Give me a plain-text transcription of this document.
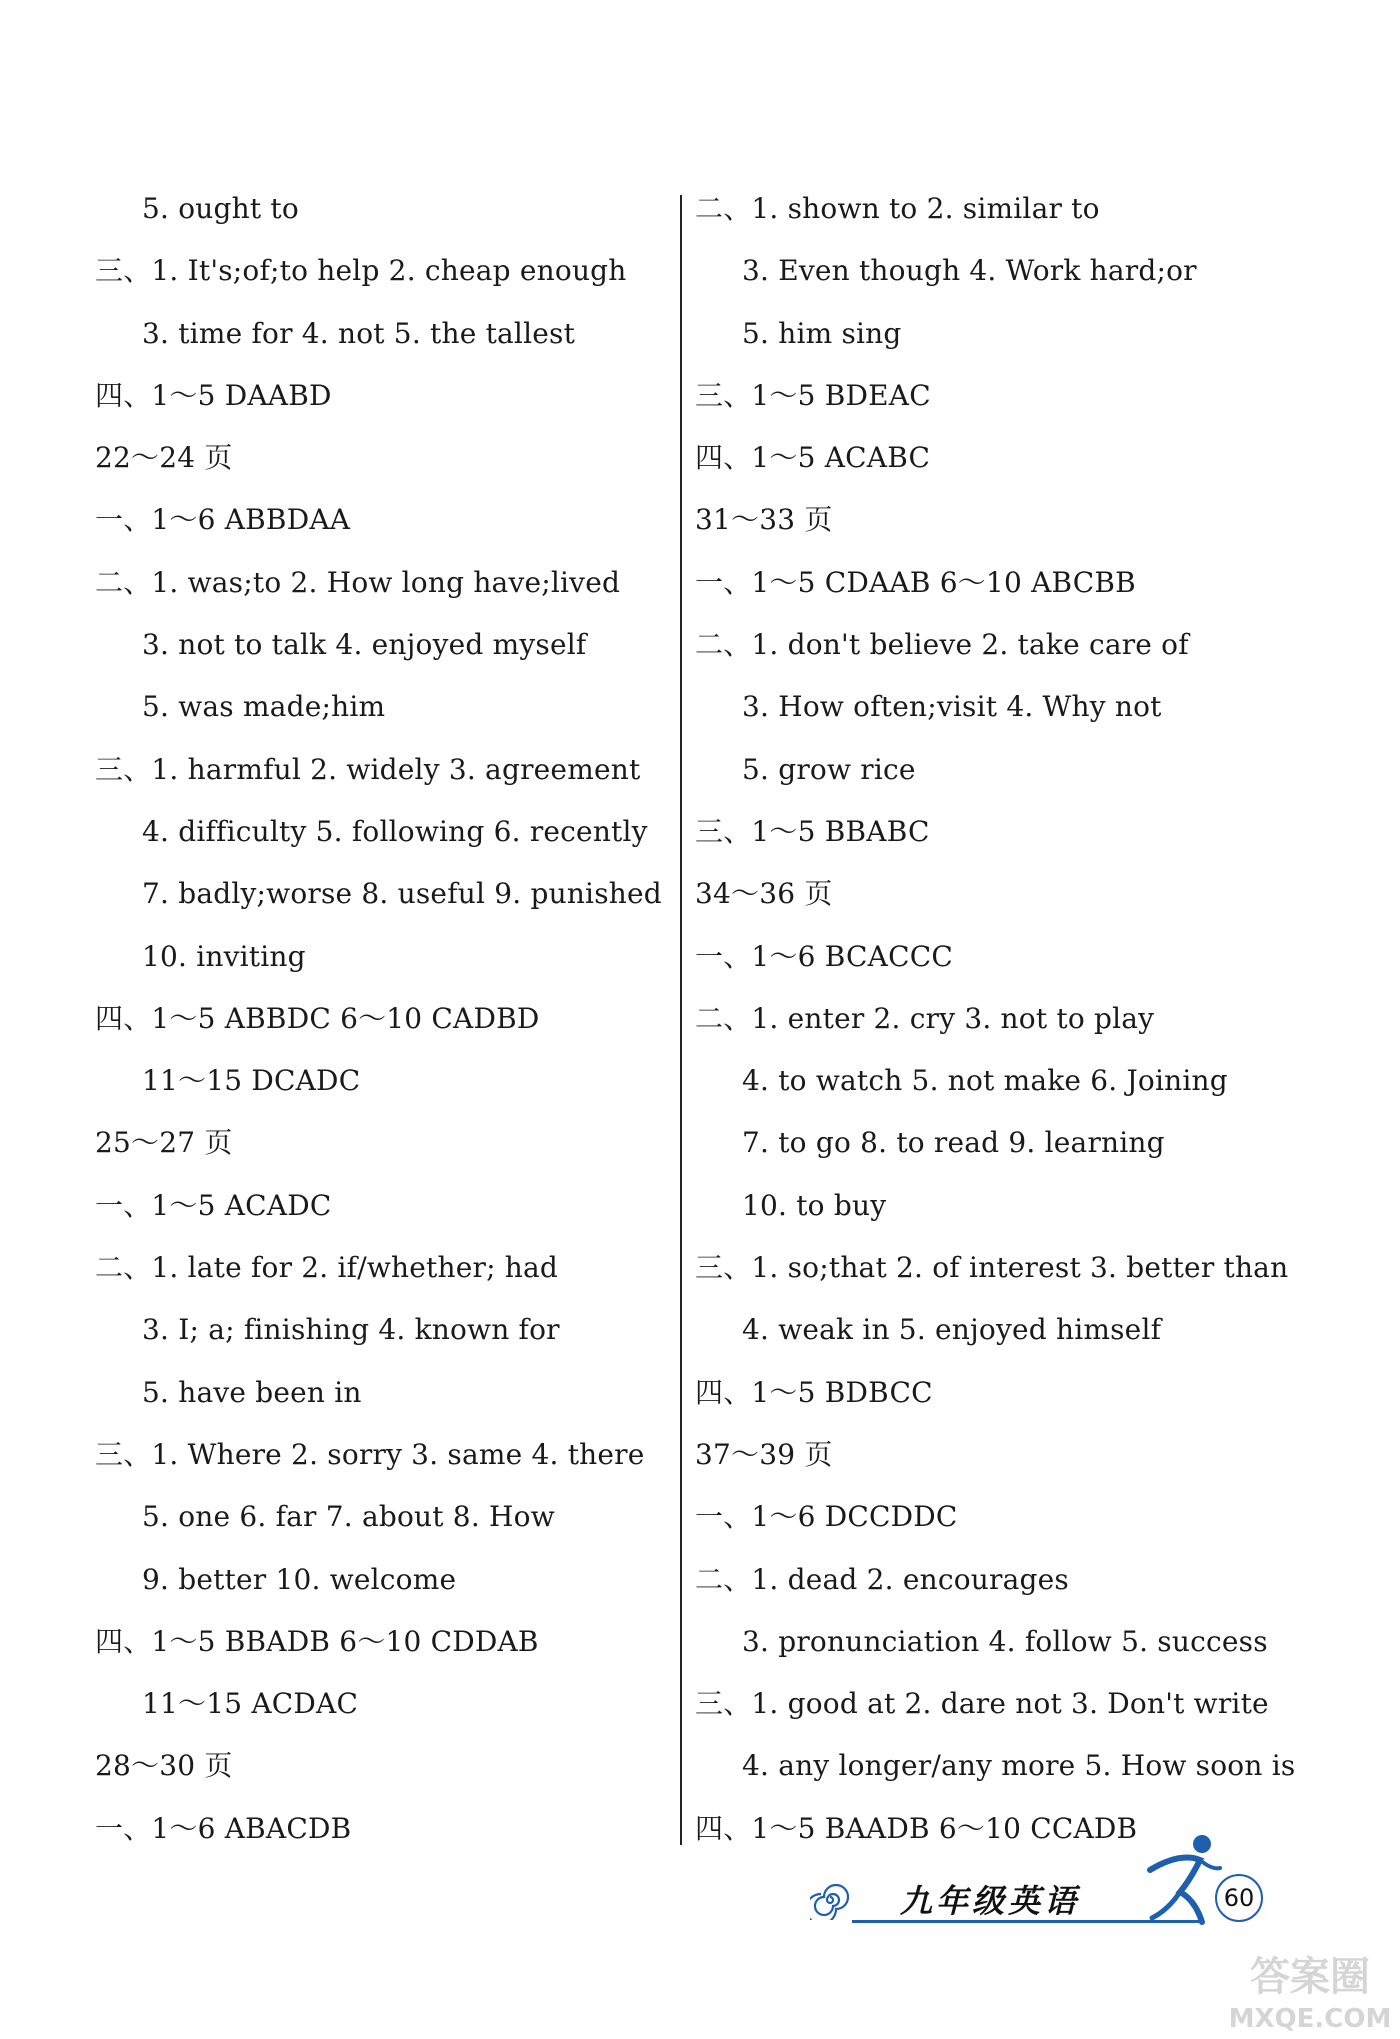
5. ought to
三、1. It's;of;to help 2. cheap enough
3. time for 4. not 5. the tallest
四、1～5 DAABD
22～24 页
一、1～6 ABBDAA
二、1. was;to 2. How long have;lived
3. not to talk 4. enjoyed myself
5. was made;him
三、1. harmful 2. widely 3. agreement
4. difficulty 5. following 6. recently
7. badly;worse 8. useful 9. punished
10. inviting
四、1～5 ABBDC 6～10 CADBD
11～15 DCADC
25～27 页
一、1～5 ACADC
二、1. late for 2. if/whether; had
3. I; a; finishing 4. known for
5. have been in
三、1. Where 2. sorry 3. same 4. there
5. one 6. far 7. about 8. How
9. better 10. welcome
四、1～5 BBADB 6～10 CDDAB
11～15 ACDAC
28～30 页
一、1～6 ABACDB
二、1. shown to 2. similar to
3. Even though 4. Work hard;or
5. him sing
三、1～5 BDEAC
四、1～5 ACABC
31～33 页
一、1～5 CDAAB 6～10 ABCBB
二、1. don't believe 2. take care of
3. How often;visit 4. Why not
5. grow rice
三、1～5 BBABC
34～36 页
一、1～6 BCACCC
二、1. enter 2. cry 3. not to play
4. to watch 5. not make 6. Joining
7. to go 8. to read 9. learning
10. to buy
三、1. so;that 2. of interest 3. better than
4. weak in 5. enjoyed himself
四、1～5 BDBCC
37～39 页
一、1～6 DCCDDC
二、1. dead 2. encourages
3. pronunciation 4. follow 5. success
三、1. good at 2. dare not 3. Don't write
4. any longer/any more 5. How soon is
四、1～5 BAADB 6～10 CCADB
九年级英语	60
答案圈
MXQE.COM
